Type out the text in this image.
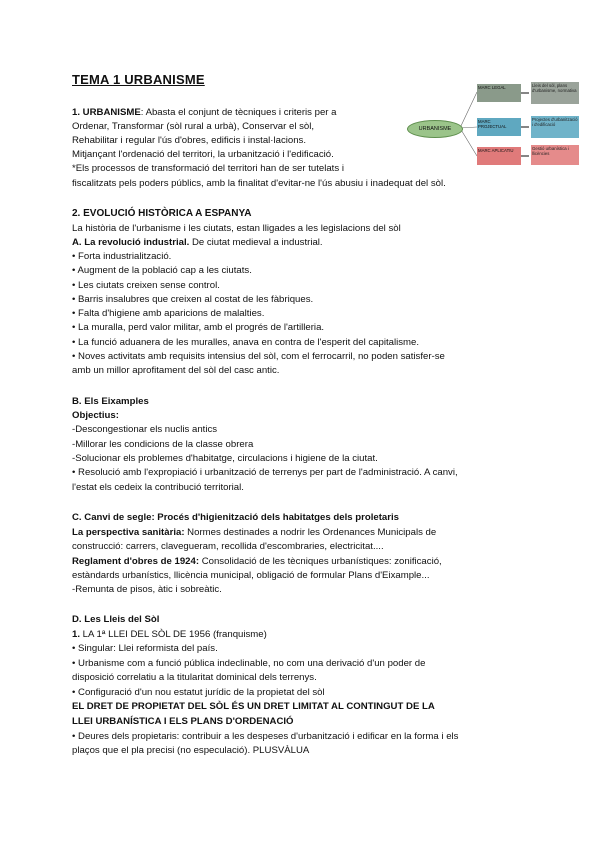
TEMA 1 URBANISME
URBANISME
MARC LEGAL
MARC PROJECTUAL
MARC APLICATIU
Lleis del sòl, plans d'urbanisme, normativa
Projectes d'urbanització i d'edificació
Gestió urbanística i llicències
1. URBANISME: Abasta el conjunt de tècniques i criteris per a
Ordenar, Transformar (sòl rural a urbà), Conservar el sòl,
Rehabilitar i regular l'ús d'obres, edificis i instal·lacions.
Mitjançant l'ordenació del territori, la urbanització i l'edificació.
*Els processos de transformació del territori han de ser tutelats i
fiscalitzats pels poders públics, amb la finalitat d'evitar-ne l'ús abusiu i inadequat del sòl.
2. EVOLUCIÓ HISTÒRICA A ESPANYA
La història de l'urbanisme i les ciutats, estan lligades a les legislacions del sòl
A. La revolució industrial. De ciutat medieval a industrial.
• Forta industrialització.
• Augment de la població cap a les ciutats.
• Les ciutats creixen sense control.
• Barris insalubres que creixen al costat de les fàbriques.
• Falta d'higiene amb aparicions de malalties.
• La muralla, perd valor militar, amb el progrés de l'artilleria.
• La funció aduanera de les muralles, anava en contra de l'esperit del capitalisme.
• Noves activitats amb requisits intensius del sòl, com el ferrocarril, no poden satisfer-se
amb un millor aprofitament del sòl del casc antic.
B. Els Eixamples
Objectius:
-Descongestionar els nuclis antics
-Millorar les condicions de la classe obrera
-Solucionar els problemes d'habitatge, circulacions i higiene de la ciutat.
• Resolució amb l'expropiació i urbanització de terrenys per part de l'administració. A canvi,
l'estat els cedeix la contribució territorial.
C. Canvi de segle: Procés d'higienització dels habitatges dels proletaris
La perspectiva sanitària: Normes destinades a nodrir les Ordenances Municipals de
construcció: carrers, clavegueram, recollida d'escombraries, electricitat....
Reglament d'obres de 1924: Consolidació de les tècniques urbanístiques: zonificació,
estàndards urbanístics, llicència municipal, obligació de formular Plans d'Eixample...
-Remunta de pisos, àtic i sobreàtic.
D. Les Lleis del Sòl
1. LA 1ª LLEI DEL SÒL DE 1956 (franquisme)
• Singular: Llei reformista del país.
• Urbanisme com a funció pública indeclinable, no com una derivació d'un poder de
disposició correlatiu a la titularitat dominical dels terrenys.
• Configuració d'un nou estatut jurídic de la propietat del sòl
EL DRET DE PROPIETAT DEL SÒL ÉS UN DRET LIMITAT AL CONTINGUT DE LA
LLEI URBANÍSTICA I ELS PLANS D'ORDENACIÓ
• Deures dels propietaris: contribuir a les despeses d'urbanització i edificar en la forma i els
plaços que el pla precisi (no especulació). PLUSVÀLUA
